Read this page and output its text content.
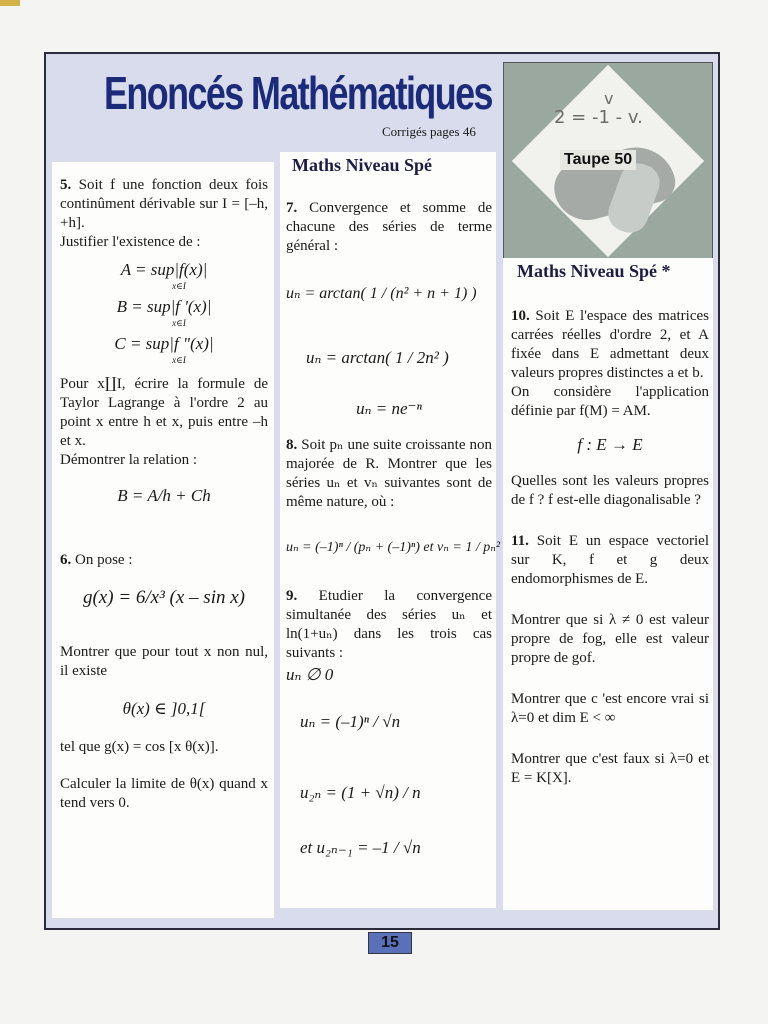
Enoncés Mathématiques
Corrigés pages 46
v
2 = -1 - v.
Taupe 50

5. Soit f une fonction deux fois continûment dérivable sur I = [–h, +h].

Justifier l'existence de :

A = sup|f(x)|
x∈I
B = sup|f '(x)|
x∈I
C = sup|f "(x)|
x∈I

Pour x∐I, écrire la formule de Taylor Lagrange à l'ordre 2 au point x entre h et x, puis entre –h et x.

Démontrer la relation :

B = A/h + Ch

6. On pose :

g(x) = 6/x³ (x – sin x)

Montrer que pour tout x non nul, il existe

θ(x) ∈ ]0,1[

tel que g(x) = cos [x θ(x)].

Calculer la limite de θ(x) quand x tend vers 0.

Maths Niveau Spé

7. Convergence et somme de chacune des séries de terme général :

uₙ = arctan( 1 / (n² + n + 1) )
uₙ = arctan( 1 / 2n² )
uₙ = ne⁻ⁿ

8. Soit pₙ une suite croissante non majorée de R. Montrer que les séries uₙ et vₙ suivantes sont de même nature, où :

uₙ = (–1)ⁿ / (pₙ + (–1)ⁿ) et vₙ = 1 / pₙ²

9. Etudier la convergence simultanée des séries uₙ et ln(1+uₙ) dans les trois cas suivants :

uₙ ∅ 0
uₙ = (–1)ⁿ / √n
u₂ₙ = (1 + √n) / n
et u₂ₙ₋₁ = –1 / √n
Maths Niveau Spé *

10. Soit E l'espace des matrices carrées réelles d'ordre 2, et A fixée dans E admettant deux valeurs propres distinctes a et b.

On considère l'application définie par f(M) = AM.

f : E → E

Quelles sont les valeurs propres de f ? f est-elle diagonalisable ?

11. Soit E un espace vectoriel sur K, f et g deux endomorphismes de E.

Montrer que si λ ≠ 0 est valeur propre de fog, elle est valeur propre de gof.

Montrer que c 'est encore vrai si λ=0 et dim E < ∞

Montrer que c'est faux si λ=0 et E = K[X].

15
